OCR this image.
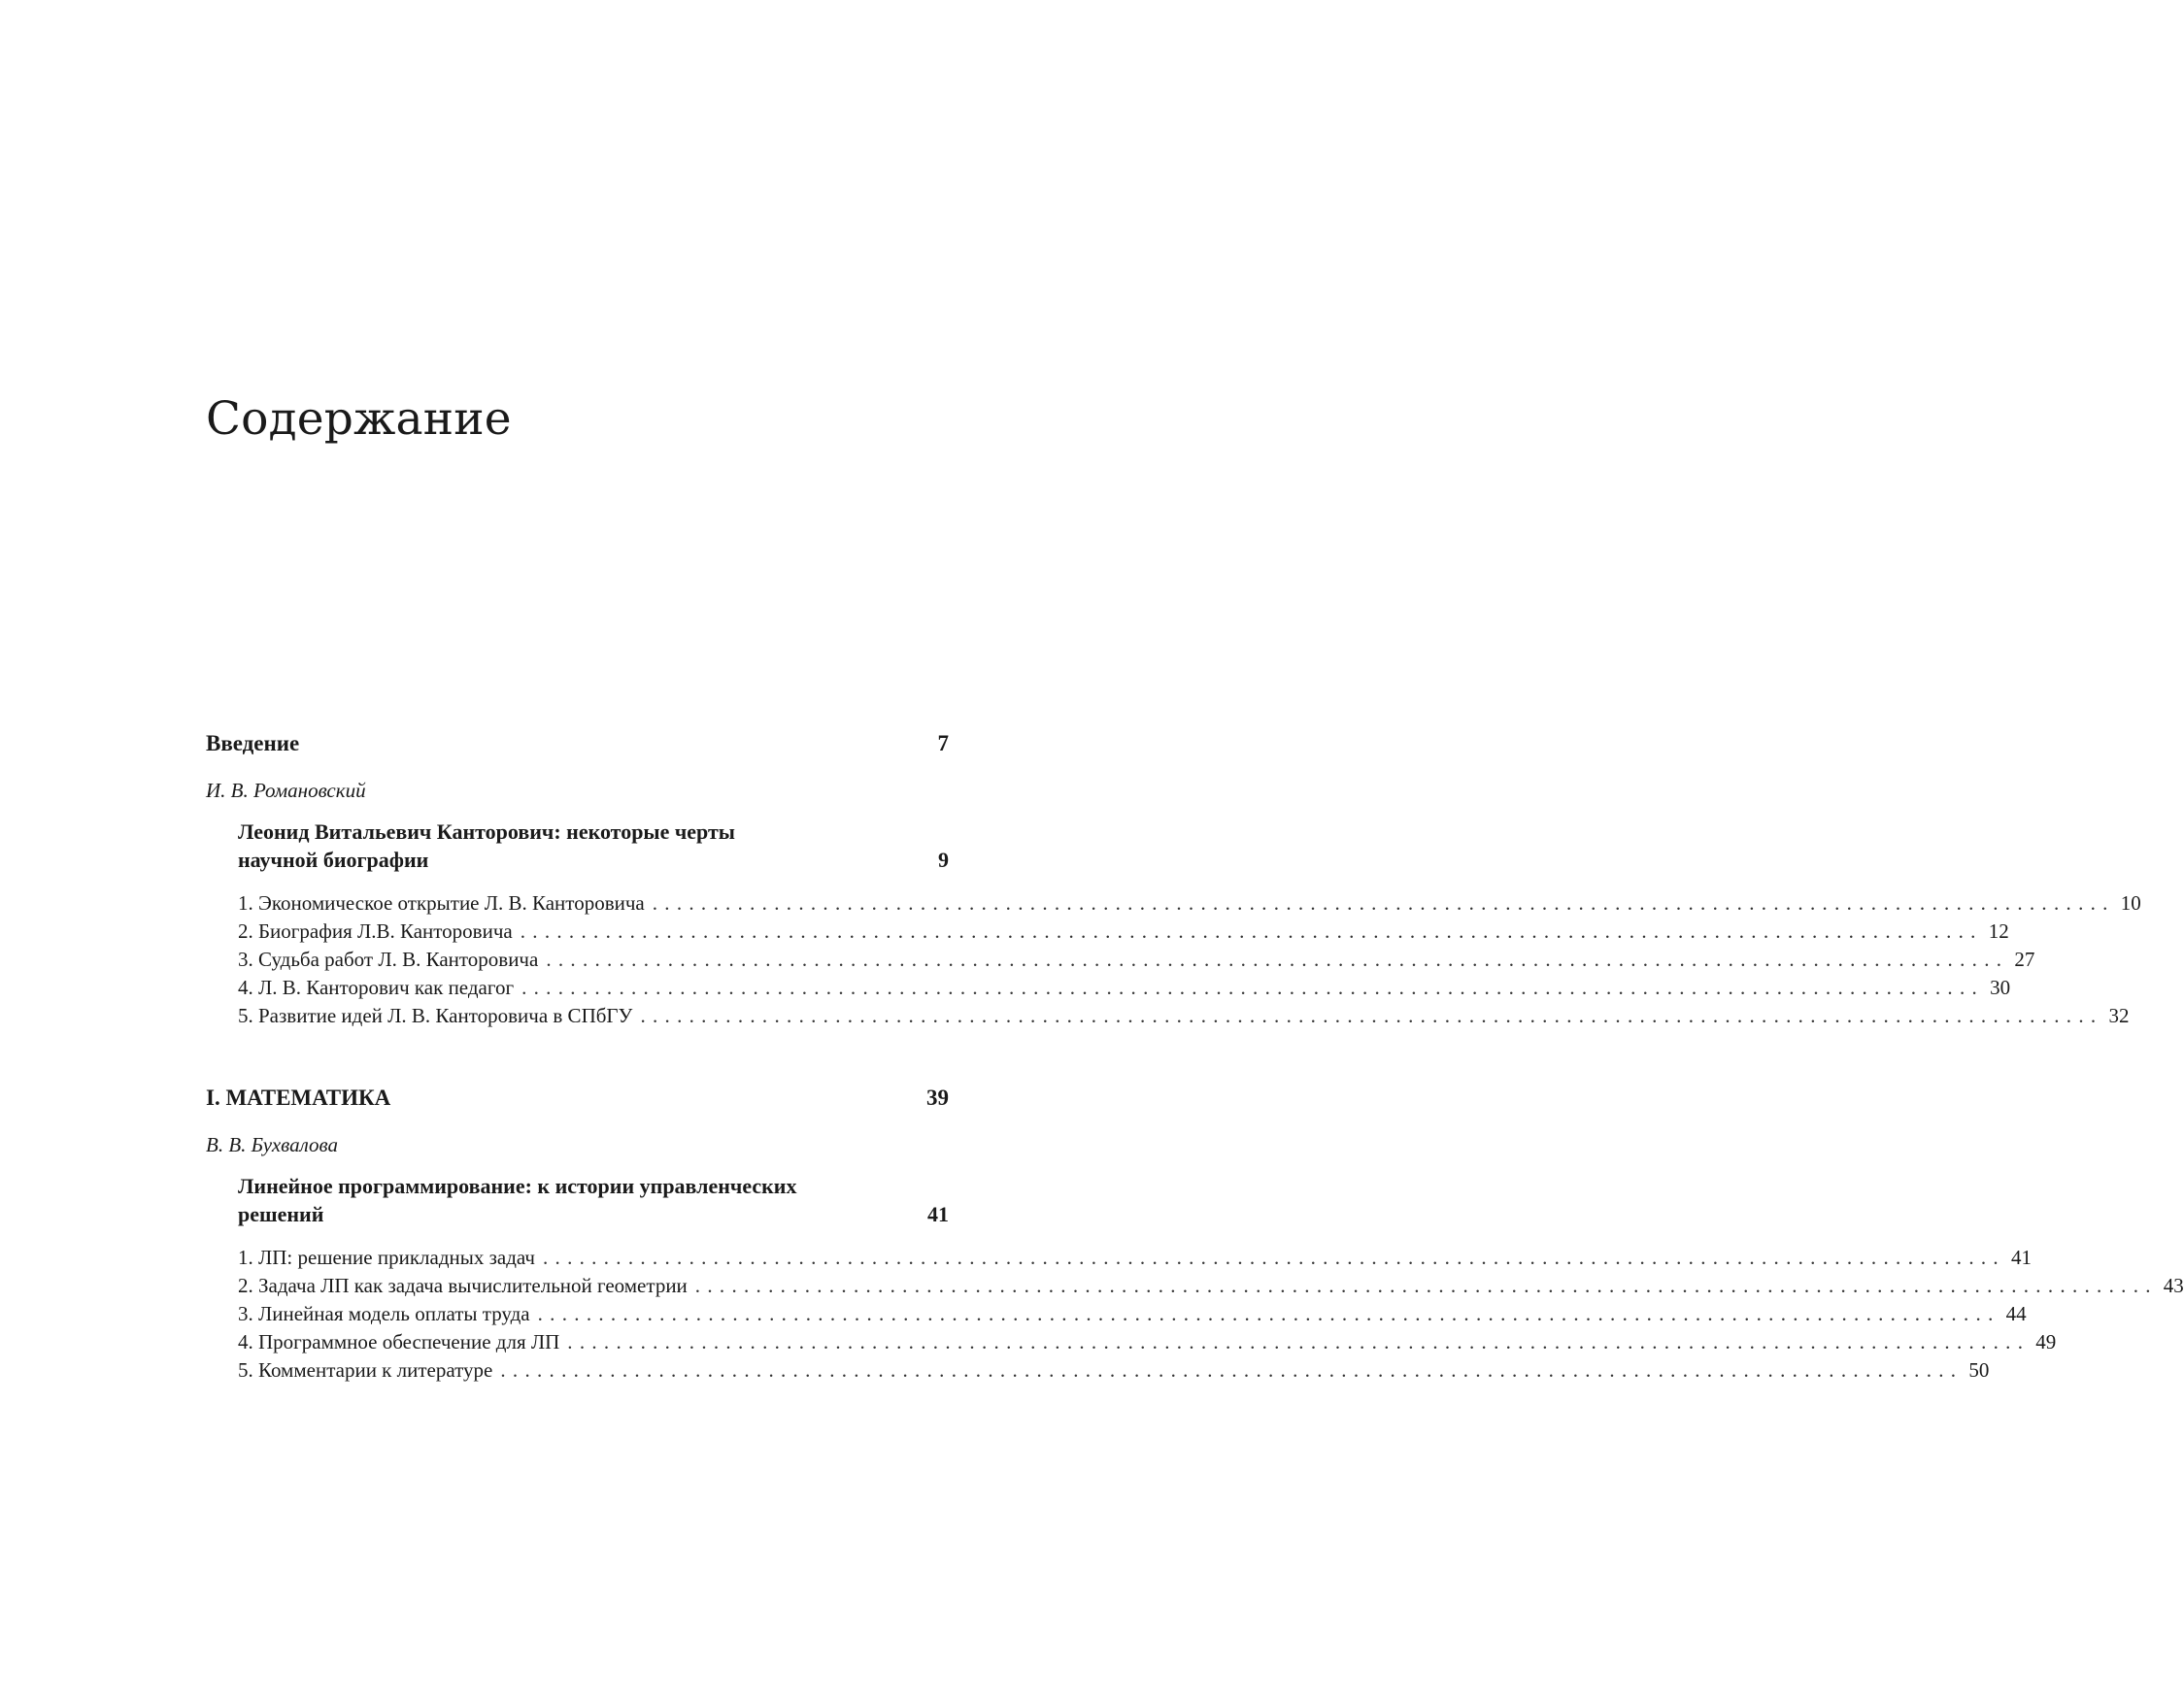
Содержание
Введение	7
И. В. Романовский
Леонид Витальевич Канторович: некоторые черты
научной биографии	9
1. Экономическое открытие Л. В. Канторовича ........................................................................................................................ 10
2. Биография Л.В. Канторовича ........................................................................................................................ 12
3. Судьба работ Л. В. Канторовича ........................................................................................................................ 27
4. Л. В. Канторович как педагог ........................................................................................................................ 30
5. Развитие идей Л. В. Канторовича в СПбГУ ........................................................................................................................ 32
I. МАТЕМАТИКА	39
В. В. Бухвалова
Линейное программирование: к истории управленческих
решений	41
1. ЛП: решение прикладных задач ........................................................................................................................ 41
2. Задача ЛП как задача вычислительной геометрии ........................................................................................................................ 43
3. Линейная модель оплаты труда ........................................................................................................................ 44
4. Программное обеспечение для ЛП ........................................................................................................................ 49
5. Комментарии к литературе ........................................................................................................................ 50
